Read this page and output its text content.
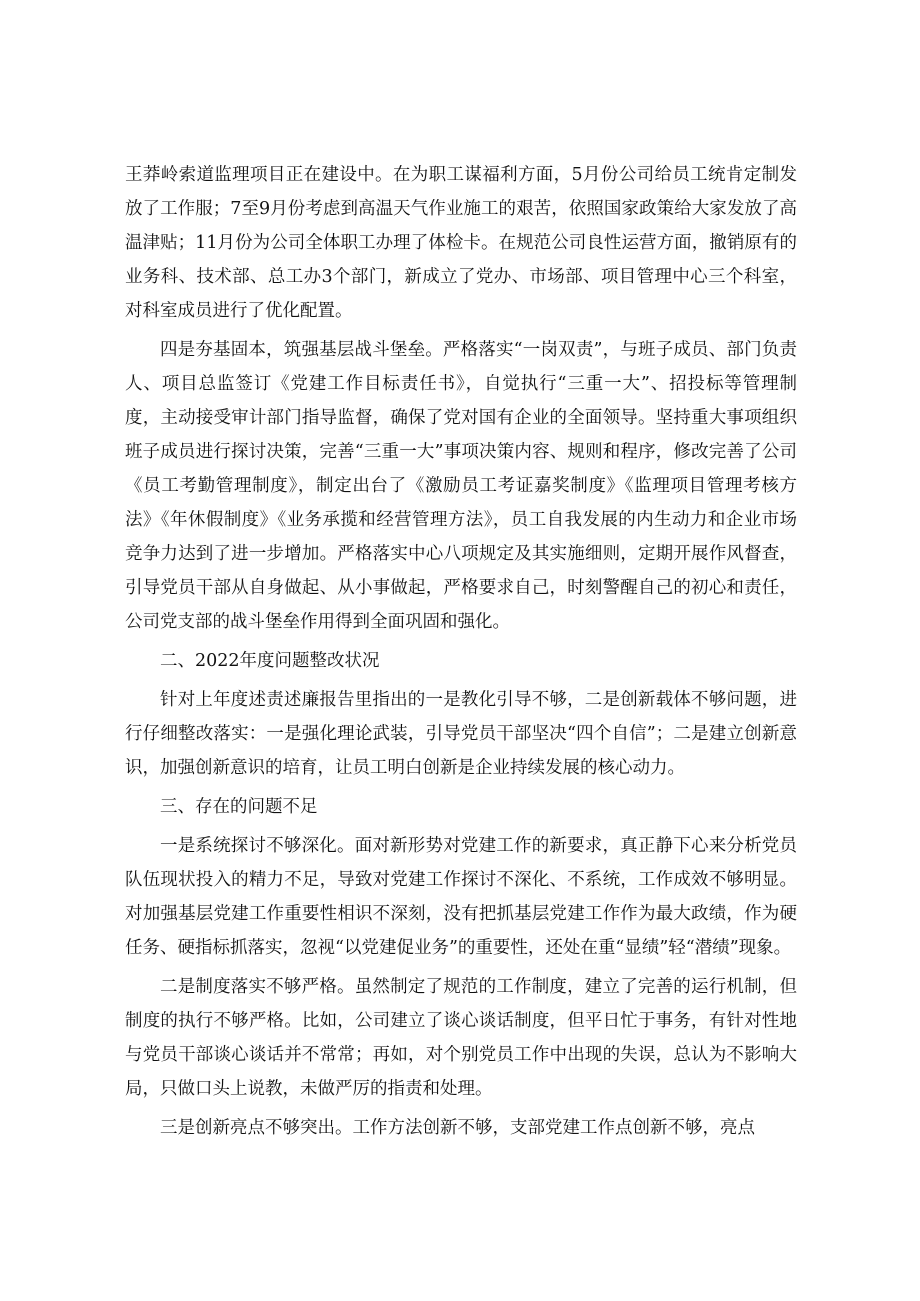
王莽岭索道监理项目正在建设中。在为职工谋福利方面，5月份公司给员工统肯定制发放了工作服；7至9月份考虑到高温天气作业施工的艰苦，依照国家政策给大家发放了高温津贴；11月份为公司全体职工办理了体检卡。在规范公司良性运营方面，撤销原有的业务科、技术部、总工办3个部门，新成立了党办、市场部、项目管理中心三个科室，对科室成员进行了优化配置。

四是夯基固本，筑强基层战斗堡垒。严格落实“一岗双责”，与班子成员、部门负责人、项目总监签订《党建工作目标责任书》，自觉执行“三重一大”、招投标等管理制度，主动接受审计部门指导监督，确保了党对国有企业的全面领导。坚持重大事项组织班子成员进行探讨决策，完善“三重一大”事项决策内容、规则和程序，修改完善了公司《员工考勤管理制度》，制定出台了《激励员工考证嘉奖制度》《监理项目管理考核方法》《年休假制度》《业务承揽和经营管理方法》，员工自我发展的内生动力和企业市场竞争力达到了进一步增加。严格落实中心八项规定及其实施细则，定期开展作风督查，引导党员干部从自身做起、从小事做起，严格要求自己，时刻警醒自己的初心和责任，公司党支部的战斗堡垒作用得到全面巩固和强化。

二、2022年度问题整改状况

针对上年度述责述廉报告里指出的一是教化引导不够，二是创新载体不够问题，进行仔细整改落实：一是强化理论武装，引导党员干部坚决“四个自信”；二是建立创新意识，加强创新意识的培育，让员工明白创新是企业持续发展的核心动力。

三、存在的问题不足

一是系统探讨不够深化。面对新形势对党建工作的新要求，真正静下心来分析党员队伍现状投入的精力不足，导致对党建工作探讨不深化、不系统，工作成效不够明显。对加强基层党建工作重要性相识不深刻，没有把抓基层党建工作作为最大政绩，作为硬任务、硬指标抓落实，忽视“以党建促业务”的重要性，还处在重“显绩”轻“潜绩”现象。

二是制度落实不够严格。虽然制定了规范的工作制度，建立了完善的运行机制，但制度的执行不够严格。比如，公司建立了谈心谈话制度，但平日忙于事务，有针对性地与党员干部谈心谈话并不常常；再如，对个别党员工作中出现的失误，总认为不影响大局，只做口头上说教，未做严厉的指责和处理。

三是创新亮点不够突出。工作方法创新不够，支部党建工作点创新不够，亮点
